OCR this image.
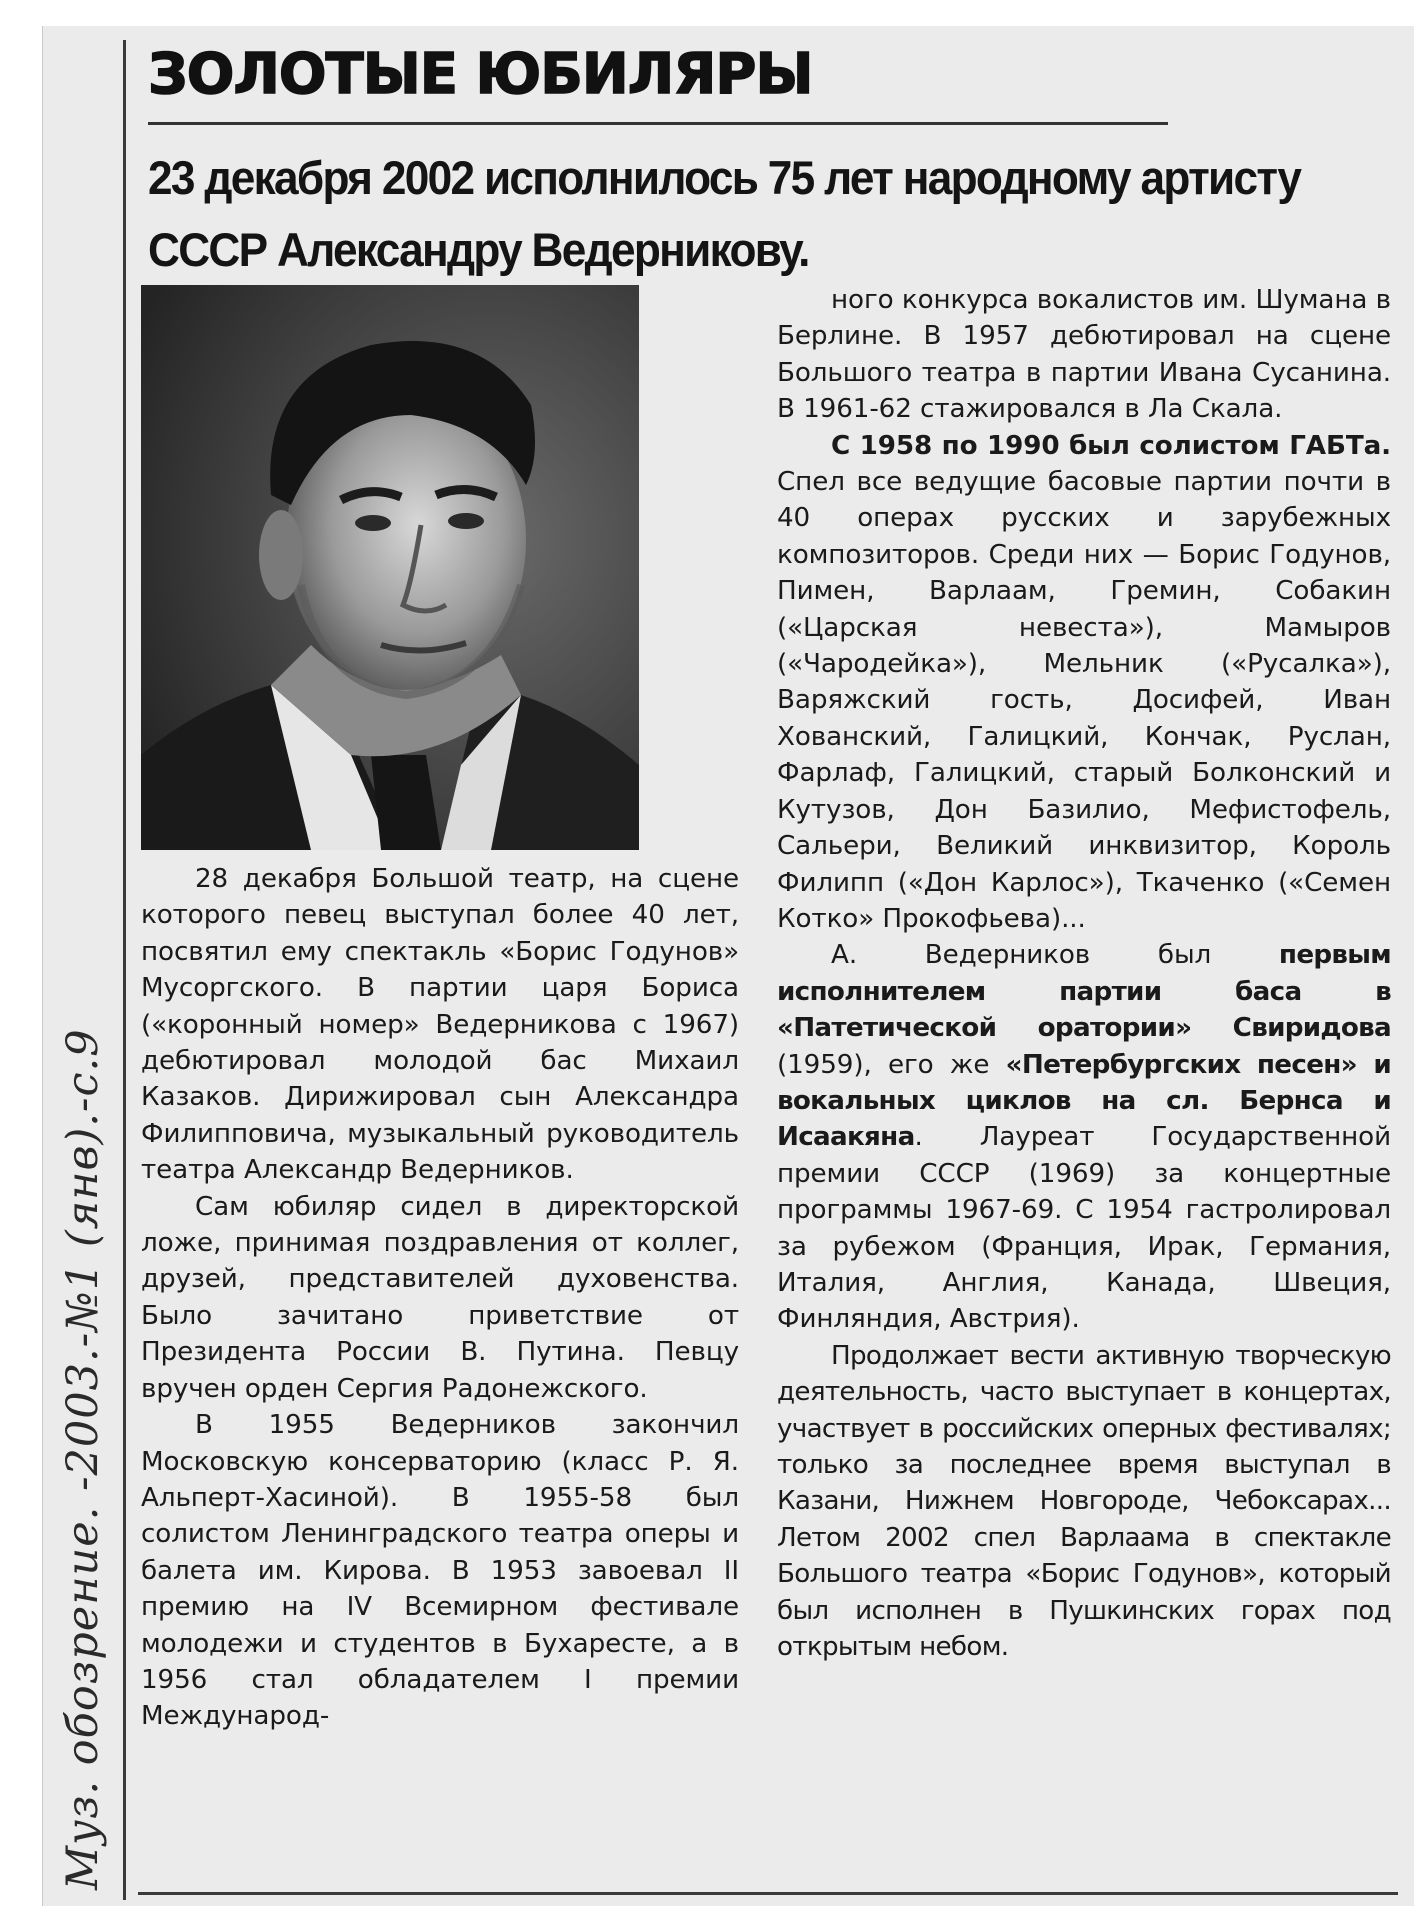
Муз. обозрение. -2003.-№1 (янв).-с.9
ЗОЛОТЫЕ ЮБИЛЯРЫ
23 декабря 2002 исполнилось 75 лет народному артисту СССР Александру Ведерникову.

28 декабря Большой театр, на сцене которого певец выступал более 40 лет, посвятил ему спектакль «Борис Годунов» Мусоргского. В партии царя Бориса («коронный номер» Ведерникова с 1967) дебютировал молодой бас Михаил Казаков. Дирижировал сын Александра Филипповича, музыкальный руководитель театра Александр Ведерников.

Сам юбиляр сидел в директорской ложе, принимая поздравления от коллег, друзей, представителей духовенства. Было зачитано приветствие от Президента России В. Путина. Певцу вручен орден Сергия Радонежского.

В 1955 Ведерников закончил Московскую консерваторию (класс Р. Я. Альперт-Хасиной). В 1955-58 был солистом Ленинградского театра оперы и балета им. Кирова. В 1953 завоевал II премию на IV Всемирном фестивале молодежи и студентов в Бухаресте, а в 1956 стал обладателем I премии Международ-

ного конкурса вокалистов им. Шумана в Берлине. В 1957 дебютировал на сцене Большого театра в партии Ивана Сусанина. В 1961-62 стажировался в Ла Скала.

С 1958 по 1990 был солистом ГАБТа. Спел все ведущие басовые партии почти в 40 операх русских и зарубежных композиторов. Среди них — Борис Годунов, Пимен, Варлаам, Гремин, Собакин («Царская невеста»), Мамыров («Чародейка»), Мельник («Русалка»), Варяжский гость, Досифей, Иван Хованский, Галицкий, Кончак, Руслан, Фарлаф, Галицкий, старый Болконский и Кутузов, Дон Базилио, Мефистофель, Сальери, Великий инквизитор, Король Филипп («Дон Карлос»), Ткаченко («Семен Котко» Прокофьева)...

А. Ведерников был	первым исполнителем партии баса в «Патетической оратории» Свиридова (1959), его же «Петербургских песен» и вокальных циклов на сл. Бернса и Исаакяна. Лауреат Государственной премии СССР (1969) за концертные программы 1967-69. С 1954 гастролировал за рубежом (Франция, Ирак, Германия, Италия, Англия, Канада, Швеция, Финляндия, Австрия).

Продолжает вести активную творческую деятельность, часто выступает в концертах, участвует в российских оперных фестивалях; только за последнее время выступал в Казани, Нижнем Новгороде, Чебоксарах... Летом 2002 спел Варлаама в спектакле Большого театра «Борис Годунов», который был исполнен в Пушкинских горах под открытым небом.
